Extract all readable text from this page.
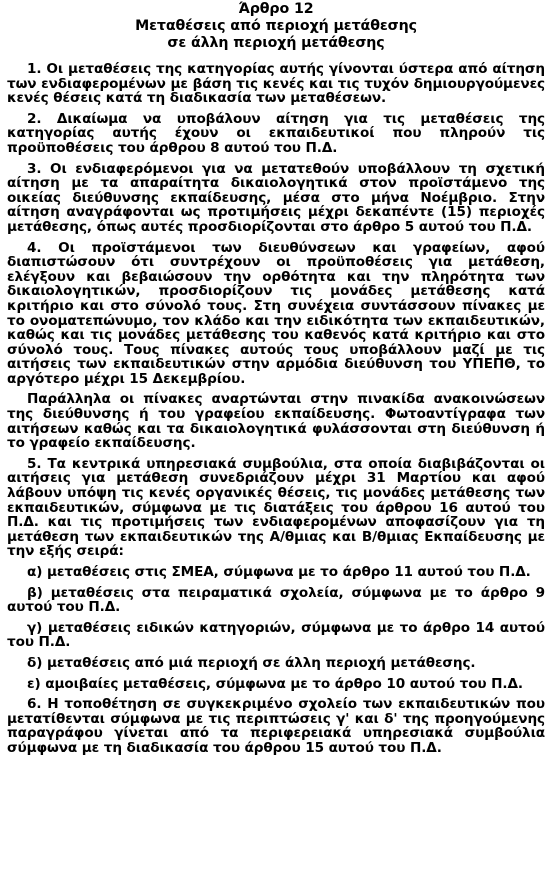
Άρθρο 12
Μεταθέσεις από περιοχή μετάθεσης
σε άλλη περιοχή μετάθεσης

1. Οι μεταθέσεις της κατηγορίας αυτής γίνονται ύστερα από αίτηση των ενδιαφερομένων με βάση τις κενές και τις τυχόν δημιουργούμενες κενές θέσεις κατά τη διαδικασία των μεταθέσεων.

2. Δικαίωμα να υποβάλουν αίτηση για τις μεταθέσεις της κατηγορίας αυτής έχουν οι εκπαιδευτικοί που πληρούν τις προϋποθέσεις του άρθρου 8 αυτού του Π.Δ.

3. Οι ενδιαφερόμενοι για να μετατεθούν υποβάλλουν τη σχετική αίτηση με τα απαραίτητα δικαιολογητικά στον προϊστάμενο της οικείας διεύθυνσης εκπαίδευσης, μέσα στο μήνα Νοέμβριο. Στην αίτηση αναγράφονται ως προτιμήσεις μέχρι δεκαπέντε (15) περιοχές μετάθεσης, όπως αυτές προσδιορίζονται στο άρθρο 5 αυτού του Π.Δ.

4. Οι προϊστάμενοι των διευθύνσεων και γραφείων, αφού διαπιστώσουν ότι συντρέχουν οι προϋποθέσεις για μετάθεση, ελέγξουν και βεβαιώσουν την ορθότητα και την πληρότητα των δικαιολογητικών, προσδιορίζουν τις μονάδες μετάθεσης κατά κριτήριο και στο σύνολό τους. Στη συνέχεια συντάσσουν πίνακες με το ονοματεπώνυμο, τον κλάδο και την ειδικότητα των εκπαιδευτικών, καθώς και τις μονάδες μετάθεσης του καθενός κατά κριτήριο και στο σύνολό τους. Τους πίνακες αυτούς τους υποβάλλουν μαζί με τις αιτήσεις των εκπαιδευτικών στην αρμόδια διεύθυνση του ΥΠΕΠΘ, το αργότερο μέχρι 15 Δεκεμβρίου.

Παράλληλα οι πίνακες αναρτώνται στην πινακίδα ανακοινώσεων της διεύθυνσης ή του γραφείου εκπαίδευσης. Φωτοαντίγραφα των αιτήσεων καθώς και τα δικαιολογητικά φυλάσσονται στη διεύθυνση ή το γραφείο εκπαίδευσης.

5. Τα κεντρικά υπηρεσιακά συμβούλια, στα οποία διαβιβάζονται οι αιτήσεις για μετάθεση συνεδριάζουν μέχρι 31 Μαρτίου και αφού λάβουν υπόψη τις κενές οργανικές θέσεις, τις μονάδες μετάθεσης των εκπαιδευτικών, σύμφωνα με τις διατάξεις του άρθρου 16 αυτού του Π.Δ. και τις προτιμήσεις των ενδιαφερομένων αποφασίζουν για τη μετάθεση των εκπαιδευτικών της Α/θμιας και Β/θμιας Εκπαίδευσης με την εξής σειρά:

α) μεταθέσεις στις ΣΜΕΑ, σύμφωνα με το άρθρο 11 αυτού του Π.Δ.

β) μεταθέσεις στα πειραματικά σχολεία, σύμφωνα με το άρθρο 9 αυτού του Π.Δ.

γ) μεταθέσεις ειδικών κατηγοριών, σύμφωνα με το άρθρο 14 αυτού του Π.Δ.

δ) μεταθέσεις από μιά περιοχή σε άλλη περιοχή μετάθεσης.

ε) αμοιβαίες μεταθέσεις, σύμφωνα με το άρθρο 10 αυτού του Π.Δ.

6. Η τοποθέτηση σε συγκεκριμένο σχολείο των εκπαιδευτικών που μετατίθενται σύμφωνα με τις περιπτώσεις γ' και δ' της προηγούμενης παραγράφου γίνεται από τα περιφερειακά υπηρεσιακά συμβούλια σύμφωνα με τη διαδικασία του άρθρου 15 αυτού του Π.Δ.
